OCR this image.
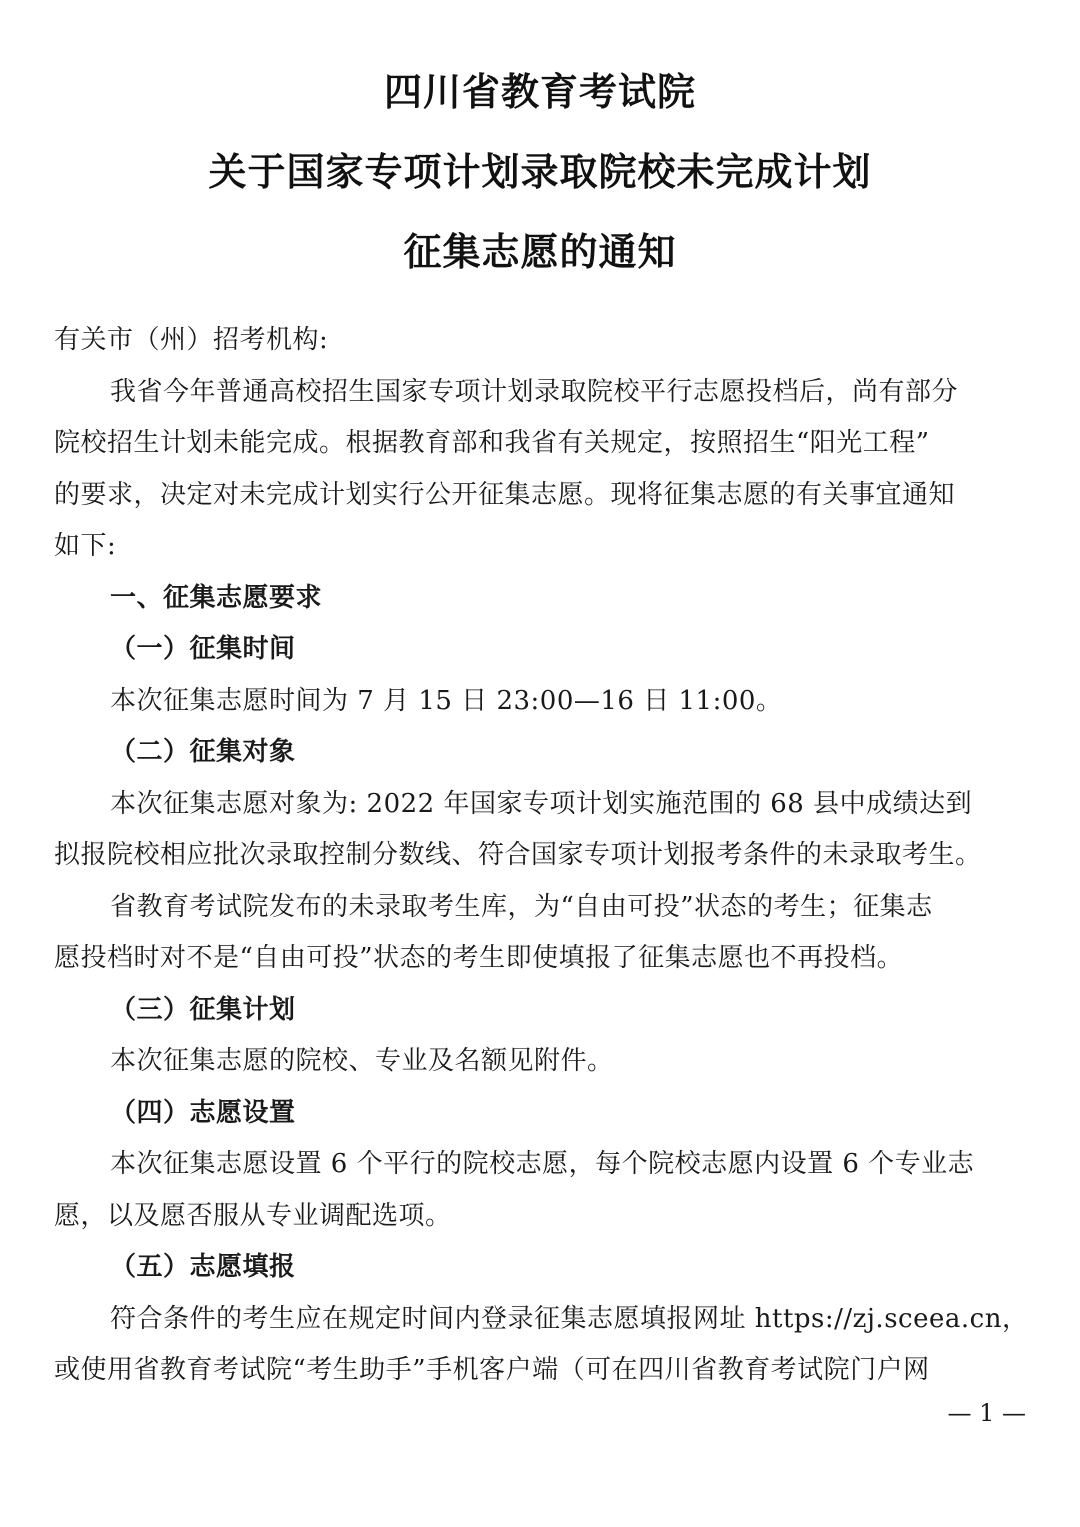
四川省教育考试院
关于国家专项计划录取院校未完成计划
征集志愿的通知
有关市（州）招考机构:
我省今年普通高校招生国家专项计划录取院校平行志愿投档后，尚有部分
院校招生计划未能完成。根据教育部和我省有关规定，按照招生“阳光工程”
的要求，决定对未完成计划实行公开征集志愿。现将征集志愿的有关事宜通知
如下:
一、征集志愿要求
（一）征集时间
本次征集志愿时间为 7 月 15 日 23:00—16 日 11:00。
（二）征集对象
本次征集志愿对象为: 2022 年国家专项计划实施范围的 68 县中成绩达到
拟报院校相应批次录取控制分数线、符合国家专项计划报考条件的未录取考生。
省教育考试院发布的未录取考生库，为“自由可投”状态的考生；征集志
愿投档时对不是“自由可投”状态的考生即使填报了征集志愿也不再投档。
（三）征集计划
本次征集志愿的院校、专业及名额见附件。
（四）志愿设置
本次征集志愿设置 6 个平行的院校志愿，每个院校志愿内设置 6 个专业志
愿，以及愿否服从专业调配选项。
（五）志愿填报
符合条件的考生应在规定时间内登录征集志愿填报网址 https://zj.sceea.cn，
或使用省教育考试院“考生助手”手机客户端（可在四川省教育考试院门户网
— 1 —
